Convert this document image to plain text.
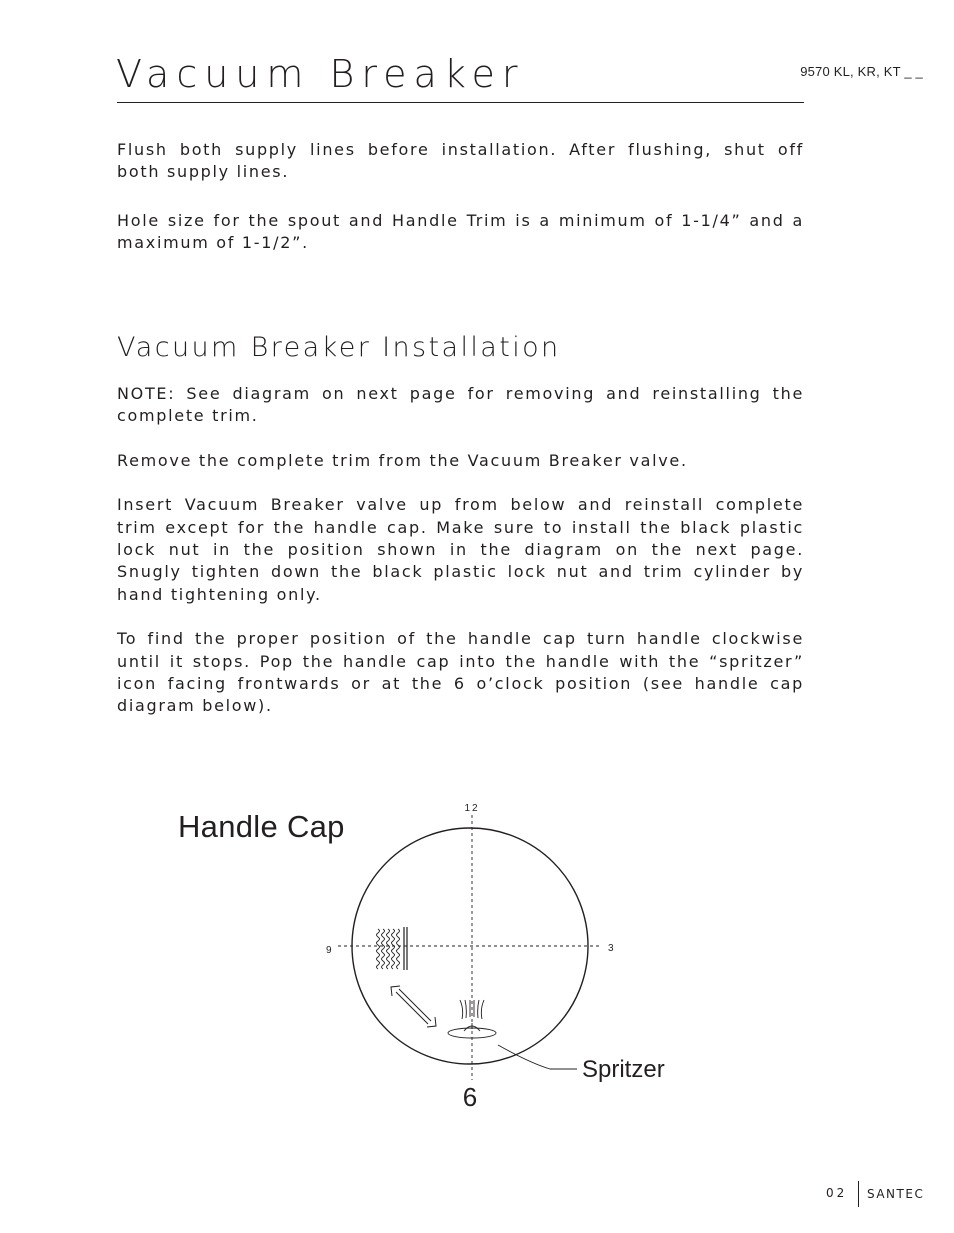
9570 KL, KR, KT _ _
Vacuum Breaker

Flush both supply lines before installation. After flushing, shut off both supply lines.

Hole size for the spout and Handle Trim is a minimum of 1-1/4” and a maximum of 1-1/2”.

Vacuum Breaker Installation

NOTE: See diagram on next page for removing and reinstalling the complete trim.

Remove the complete trim from the Vacuum Breaker valve.

Insert Vacuum Breaker valve up from below and reinstall complete trim except for the handle cap. Make sure to install the black plastic lock nut in the position shown in the diagram on the next page. Snugly tighten down the black plastic lock nut and trim cylinder by hand tightening only.

To find the proper position of the handle cap turn handle clockwise until it stops. Pop the handle cap into the handle with the “spritzer” icon facing frontwards or at the 6 o’clock position (see handle cap diagram below).

Handle Cap
12
3
9
6
Spritzer
02 SANTEC
